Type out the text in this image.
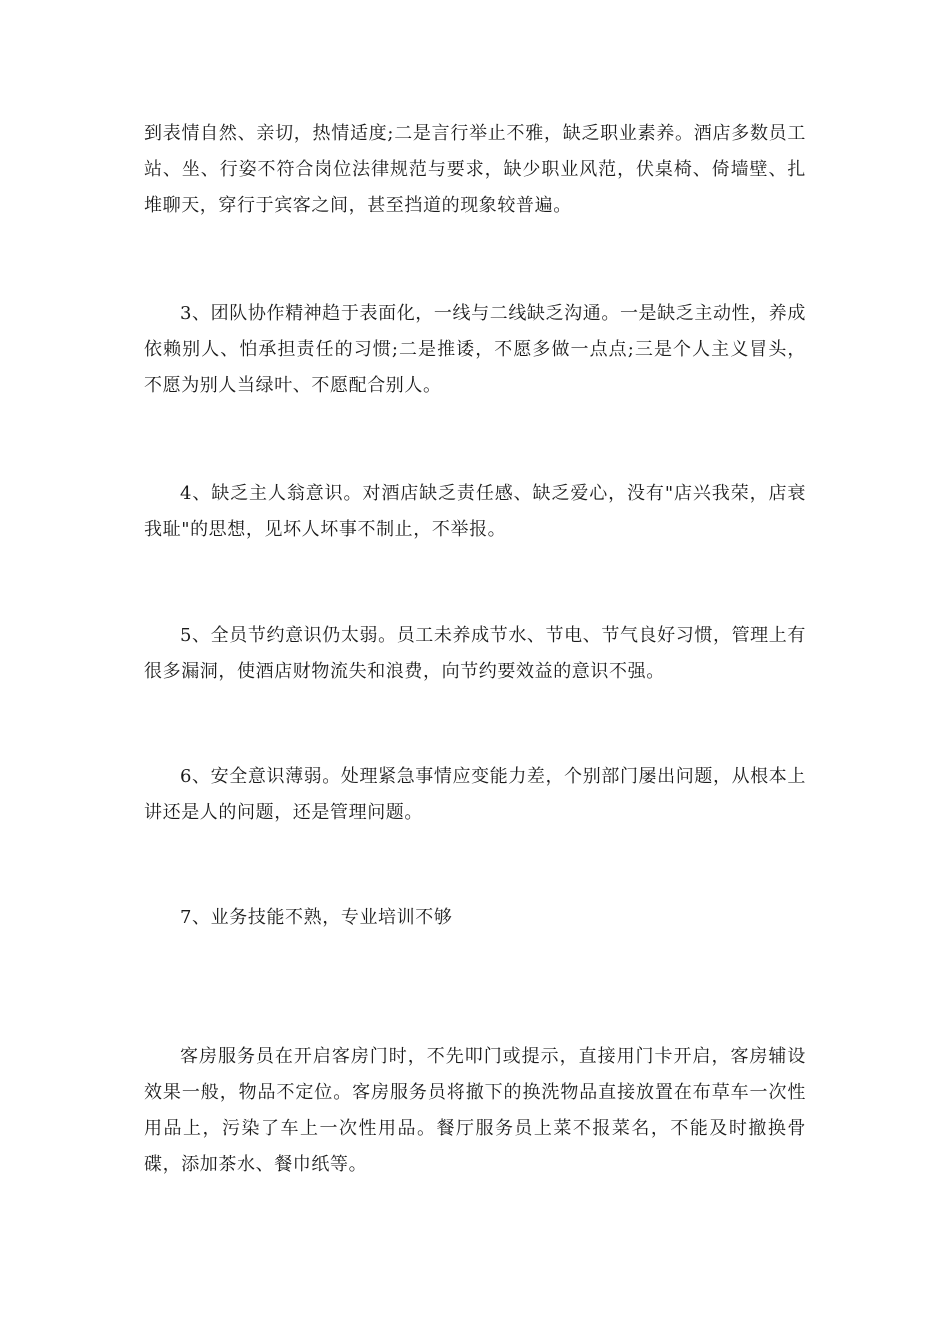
到表情自然、亲切，热情适度;二是言行举止不雅，缺乏职业素养。酒店多数员工站、坐、行姿不符合岗位法律规范与要求，缺少职业风范，伏桌椅、倚墙壁、扎堆聊天，穿行于宾客之间，甚至挡道的现象较普遍。

3、团队协作精神趋于表面化，一线与二线缺乏沟通。一是缺乏主动性，养成依赖别人、怕承担责任的习惯;二是推诿，不愿多做一点点;三是个人主义冒头，不愿为别人当绿叶、不愿配合别人。

4、缺乏主人翁意识。对酒店缺乏责任感、缺乏爱心，没有"店兴我荣，店衰我耻"的思想，见坏人坏事不制止，不举报。

5、全员节约意识仍太弱。员工未养成节水、节电、节气良好习惯，管理上有很多漏洞，使酒店财物流失和浪费，向节约要效益的意识不强。

6、安全意识薄弱。处理紧急事情应变能力差，个别部门屡出问题，从根本上讲还是人的问题，还是管理问题。

7、业务技能不熟，专业培训不够

客房服务员在开启客房门时，不先叩门或提示，直接用门卡开启，客房辅设效果一般，物品不定位。客房服务员将撤下的换洗物品直接放置在布草车一次性用品上，污染了车上一次性用品。餐厅服务员上菜不报菜名，不能及时撤换骨碟，添加茶水、餐巾纸等。
